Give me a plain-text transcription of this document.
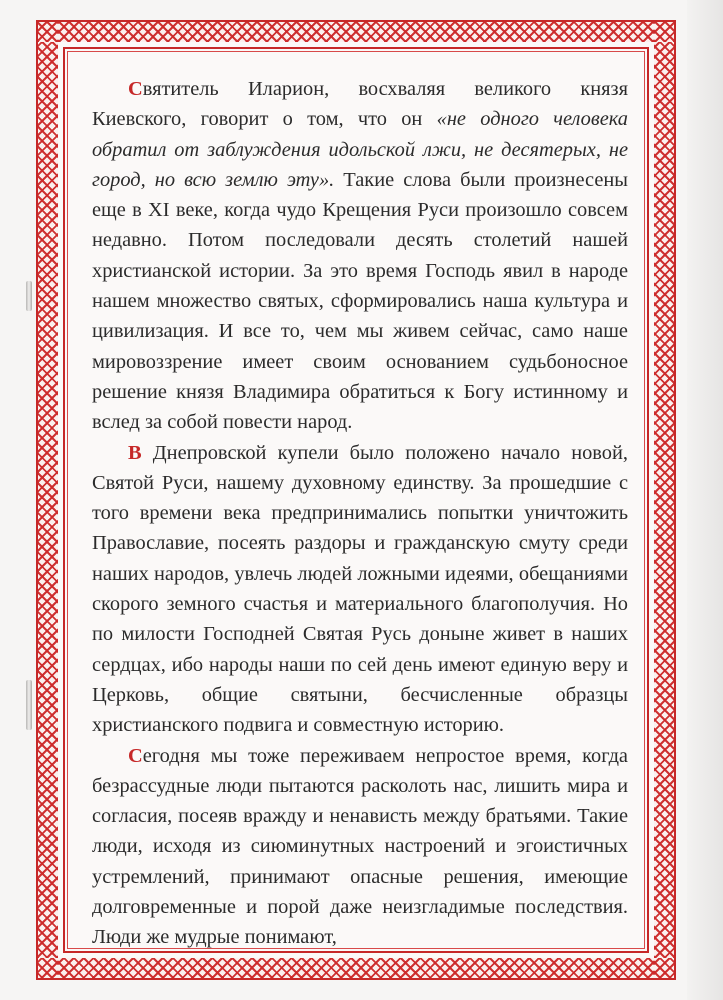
Святитель Иларион, восхваляя великого князя Киевского, говорит о том, что он «не одного человека обратил от заблуждения идольской лжи, не десятерых, не город, но всю землю эту». Такие слова были произнесены еще в XI веке, когда чудо Крещения Руси произошло совсем недавно. Потом последовали десять столетий нашей христианской истории. За это время Господь явил в народе нашем множество святых, сформировались наша культура и цивилизация. И все то, чем мы живем сейчас, само наше мировоззрение имеет своим основанием судьбоносное решение князя Владимира обратиться к Богу истинному и вслед за собой повести народ.

В Днепровской купели было положено начало новой, Святой Руси, нашему духовному единству. За прошедшие с того времени века предпринимались попытки уничтожить Православие, посеять раздоры и гражданскую смуту среди наших народов, увлечь людей ложными идеями, обещаниями скорого земного счастья и материального благополучия. Но по милости Господней Святая Русь доныне живет в наших сердцах, ибо народы наши по сей день имеют единую веру и Церковь, общие святыни, бесчисленные образцы христианского подвига и совместную историю.

Сегодня мы тоже переживаем непростое время, когда безрассудные люди пытаются расколоть нас, лишить мира и согласия, посеяв вражду и ненависть между братьями. Такие люди, исходя из сиюминутных настроений и эгоистичных устремлений, принимают опасные решения, имеющие долговременные и порой даже неизгладимые последствия. Люди же мудрые понимают,
